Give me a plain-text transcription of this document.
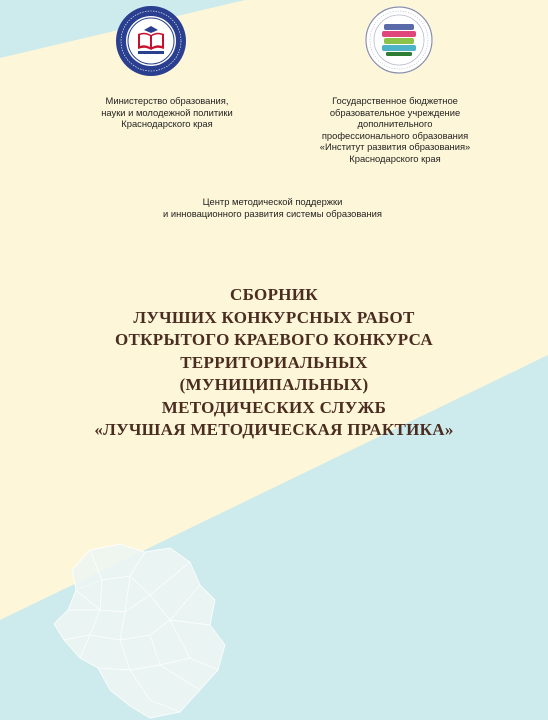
Министерство образования,
науки и молодежной политики
Краснодарского края
Государственное бюджетное
образовательное учреждение
дополнительного
профессионального образования
«Институт развития образования»
Краснодарского края
Центр методической поддержки
и инновационного развития системы образования
СБОРНИК
ЛУЧШИХ КОНКУРСНЫХ РАБОТ
ОТКРЫТОГО КРАЕВОГО КОНКУРСА
ТЕРРИТОРИАЛЬНЫХ
(МУНИЦИПАЛЬНЫХ)
МЕТОДИЧЕСКИХ СЛУЖБ
«ЛУЧШАЯ МЕТОДИЧЕСКАЯ ПРАКТИКА»
